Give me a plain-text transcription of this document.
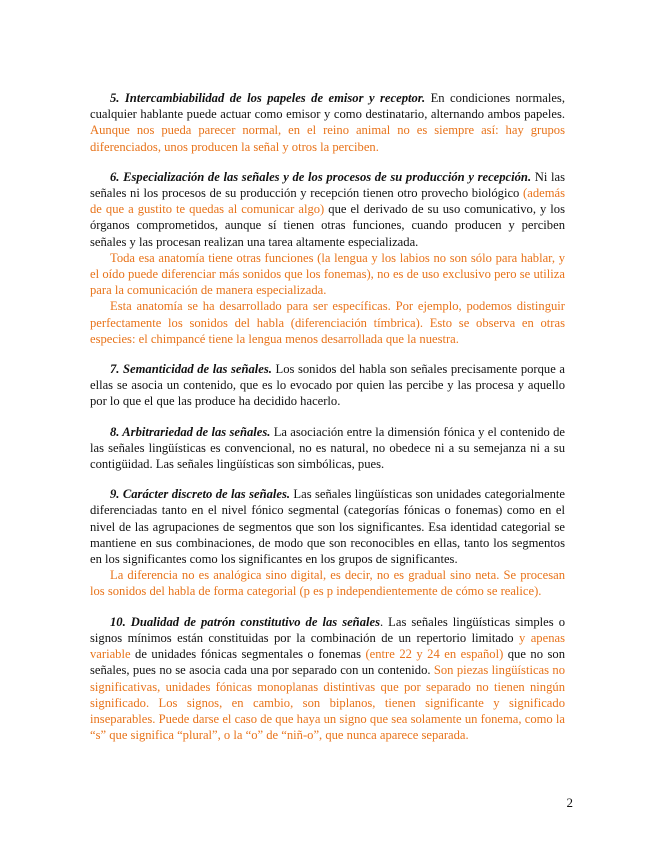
5. Intercambiabilidad de los papeles de emisor y receptor. En condiciones normales, cualquier hablante puede actuar como emisor y como destinatario, alternando ambos papeles. Aunque nos pueda parecer normal, en el reino animal no es siempre así: hay grupos diferenciados, unos producen la señal y otros la perciben.

6. Especialización de las señales y de los procesos de su producción y recepción. Ni las señales ni los procesos de su producción y recepción tienen otro provecho biológico (además de que a gustito te quedas al comunicar algo) que el derivado de su uso comunicativo, y los órganos comprometidos, aunque sí tienen otras funciones, cuando producen y perciben señales y las procesan realizan una tarea altamente especializada.

Toda esa anatomía tiene otras funciones (la lengua y los labios no son sólo para hablar, y el oído puede diferenciar más sonidos que los fonemas), no es de uso exclusivo pero se utiliza para la comunicación de manera especializada.

Esta anatomía se ha desarrollado para ser específicas. Por ejemplo, podemos distinguir perfectamente los sonidos del habla (diferenciación tímbrica). Esto se observa en otras especies: el chimpancé tiene la lengua menos desarrollada que la nuestra.

7. Semanticidad de las señales. Los sonidos del habla son señales precisamente porque a ellas se asocia un contenido, que es lo evocado por quien las percibe y las procesa y aquello por lo que el que las produce ha decidido hacerlo.

8. Arbitrariedad de las señales. La asociación entre la dimensión fónica y el contenido de las señales lingüísticas es convencional, no es natural, no obedece ni a su semejanza ni a su contigüidad. Las señales lingüísticas son simbólicas, pues.

9. Carácter discreto de las señales. Las señales lingüísticas son unidades categorialmente diferenciadas tanto en el nivel fónico segmental (categorías fónicas o fonemas) como en el nivel de las agrupaciones de segmentos que son los significantes. Esa identidad categorial se mantiene en sus combinaciones, de modo que son reconocibles en ellas, tanto los segmentos en los significantes como los significantes en los grupos de significantes.

La diferencia no es analógica sino digital, es decir, no es gradual sino neta. Se procesan los sonidos del habla de forma categorial (p es p independientemente de cómo se realice).

10. Dualidad de patrón constitutivo de las señales. Las señales lingüísticas simples o signos mínimos están constituidas por la combinación de un repertorio limitado y apenas variable de unidades fónicas segmentales o fonemas (entre 22 y 24 en español) que no son señales, pues no se asocia cada una por separado con un contenido. Son piezas lingüísticas no significativas, unidades fónicas monoplanas distintivas que por separado no tienen ningún significado. Los signos, en cambio, son biplanos, tienen significante y significado inseparables. Puede darse el caso de que haya un signo que sea solamente un fonema, como la “s” que significa “plural”, o la “o” de “niñ-o”, que nunca aparece separada.

2
